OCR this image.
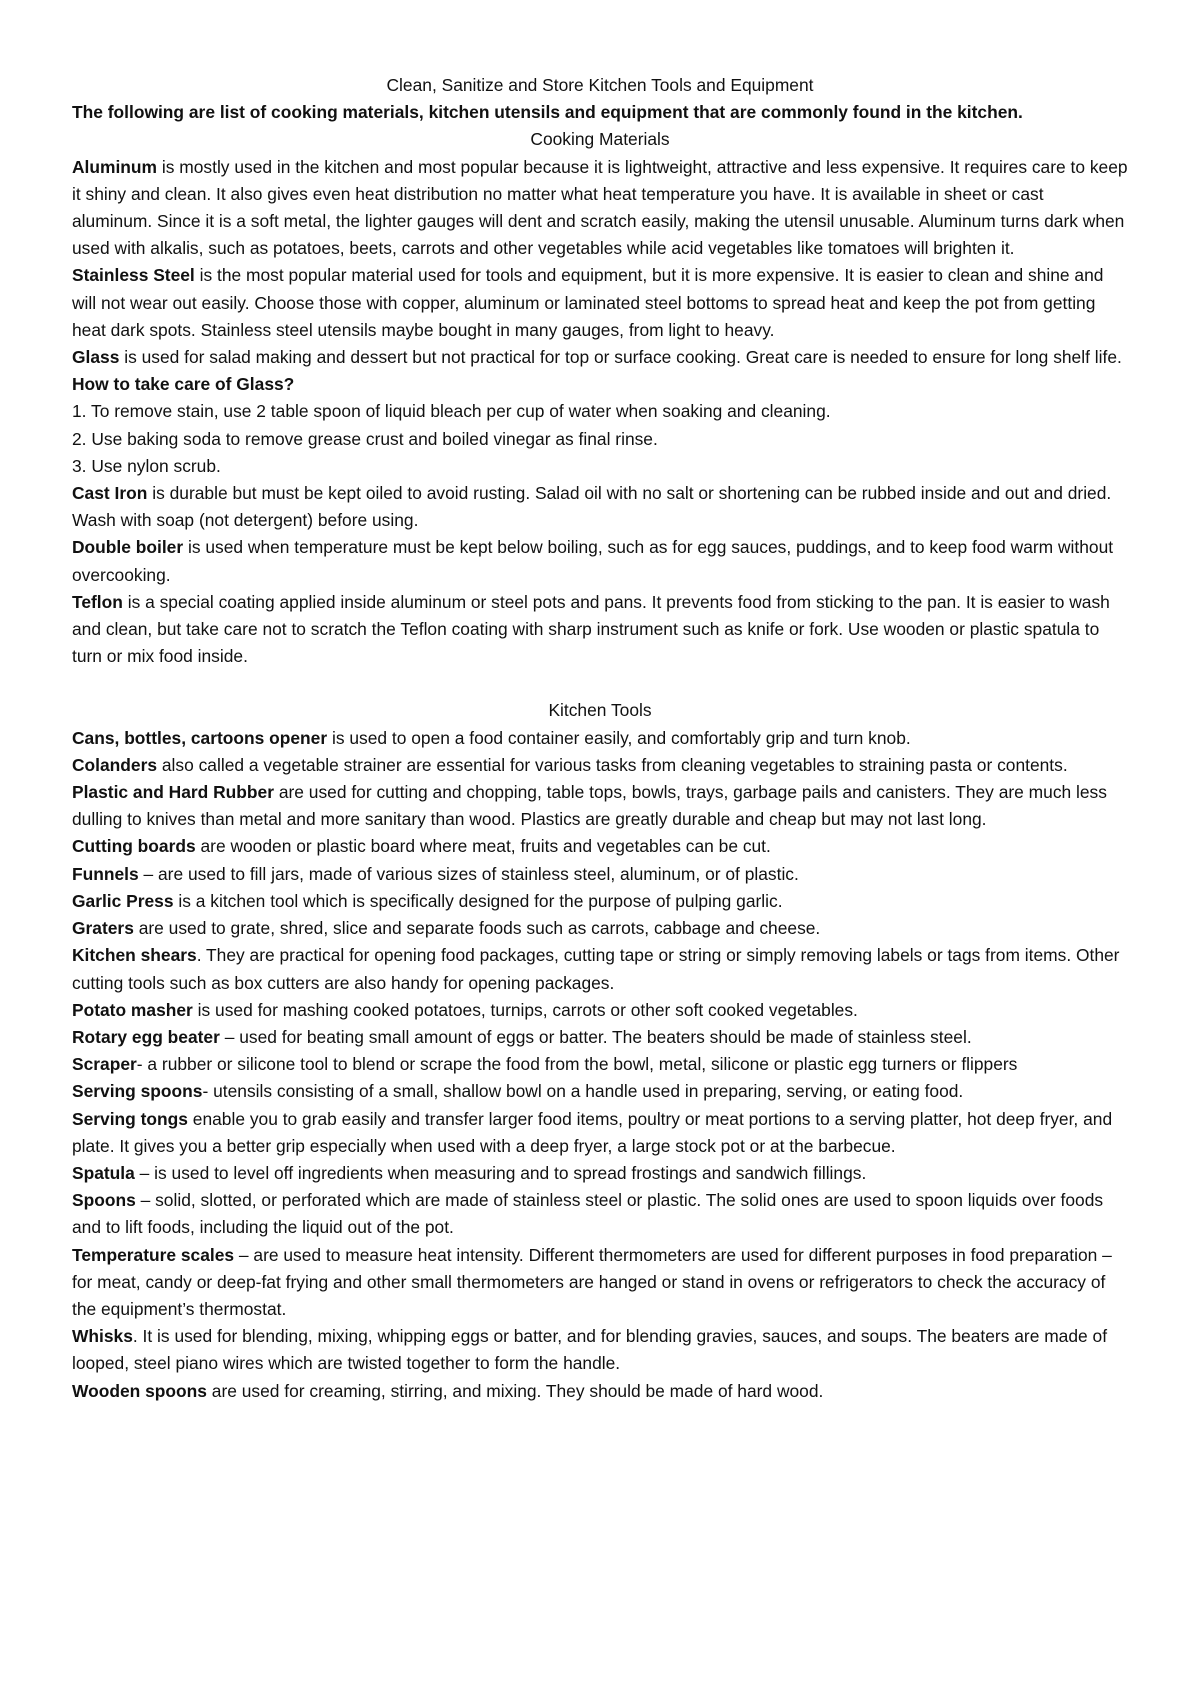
Clean, Sanitize and Store Kitchen Tools and Equipment

The following are list of cooking materials, kitchen utensils and equipment that are commonly found in the kitchen.

Cooking Materials

Aluminum is mostly used in the kitchen and most popular because it is lightweight, attractive and less expensive. It requires care to keep it shiny and clean. It also gives even heat distribution no matter what heat temperature you have. It is available in sheet or cast aluminum. Since it is a soft metal, the lighter gauges will dent and scratch easily, making the utensil unusable. Aluminum turns dark when used with alkalis, such as potatoes, beets, carrots and other vegetables while acid vegetables like tomatoes will brighten it.

Stainless Steel is the most popular material used for tools and equipment, but it is more expensive. It is easier to clean and shine and will not wear out easily. Choose those with copper, aluminum or laminated steel bottoms to spread heat and keep the pot from getting heat dark spots. Stainless steel utensils maybe bought in many gauges, from light to heavy.

Glass is used for salad making and dessert but not practical for top or surface cooking. Great care is needed to ensure for long shelf life.

How to take care of Glass?

1. To remove stain, use 2 table spoon of liquid bleach per cup of water when soaking and cleaning.

2. Use baking soda to remove grease crust and boiled vinegar as final rinse.

3. Use nylon scrub.

Cast Iron is durable but must be kept oiled to avoid rusting. Salad oil with no salt or shortening can be rubbed inside and out and dried. Wash with soap (not detergent) before using.

Double boiler is used when temperature must be kept below boiling, such as for egg sauces, puddings, and to keep food warm without overcooking.

Teflon is a special coating applied inside aluminum or steel pots and pans. It prevents food from sticking to the pan. It is easier to wash and clean, but take care not to scratch the Teflon coating with sharp instrument such as knife or fork. Use wooden or plastic spatula to turn or mix food inside.

Kitchen Tools

Cans, bottles, cartoons opener is used to open a food container easily, and comfortably grip and turn knob.

Colanders also called a vegetable strainer are essential for various tasks from cleaning vegetables to straining pasta or contents.

Plastic and Hard Rubber are used for cutting and chopping, table tops, bowls, trays, garbage pails and canisters. They are much less dulling to knives than metal and more sanitary than wood. Plastics are greatly durable and cheap but may not last long.

Cutting boards are wooden or plastic board where meat, fruits and vegetables can be cut.

Funnels – are used to fill jars, made of various sizes of stainless steel, aluminum, or of plastic.

Garlic Press is a kitchen tool which is specifically designed for the purpose of pulping garlic.

Graters are used to grate, shred, slice and separate foods such as carrots, cabbage and cheese.

Kitchen shears. They are practical for opening food packages, cutting tape or string or simply removing labels or tags from items. Other cutting tools such as box cutters are also handy for opening packages.

Potato masher is used for mashing cooked potatoes, turnips, carrots or other soft cooked vegetables.

Rotary egg beater – used for beating small amount of eggs or batter. The beaters should be made of stainless steel.

Scraper- a rubber or silicone tool to blend or scrape the food from the bowl, metal, silicone or plastic egg turners or flippers

Serving spoons- utensils consisting of a small, shallow bowl on a handle used in preparing, serving, or eating food.

Serving tongs enable you to grab easily and transfer larger food items, poultry or meat portions to a serving platter, hot deep fryer, and plate. It gives you a better grip especially when used with a deep fryer, a large stock pot or at the barbecue.

Spatula – is used to level off ingredients when measuring and to spread frostings and sandwich fillings.

Spoons – solid, slotted, or perforated which are made of stainless steel or plastic. The solid ones are used to spoon liquids over foods and to lift foods, including the liquid out of the pot.

Temperature scales – are used to measure heat intensity. Different thermometers are used for different purposes in food preparation – for meat, candy or deep-fat frying and other small thermometers are hanged or stand in ovens or refrigerators to check the accuracy of the equipment’s thermostat.

Whisks. It is used for blending, mixing, whipping eggs or batter, and for blending gravies, sauces, and soups. The beaters are made of looped, steel piano wires which are twisted together to form the handle.

Wooden spoons are used for creaming, stirring, and mixing. They should be made of hard wood.
